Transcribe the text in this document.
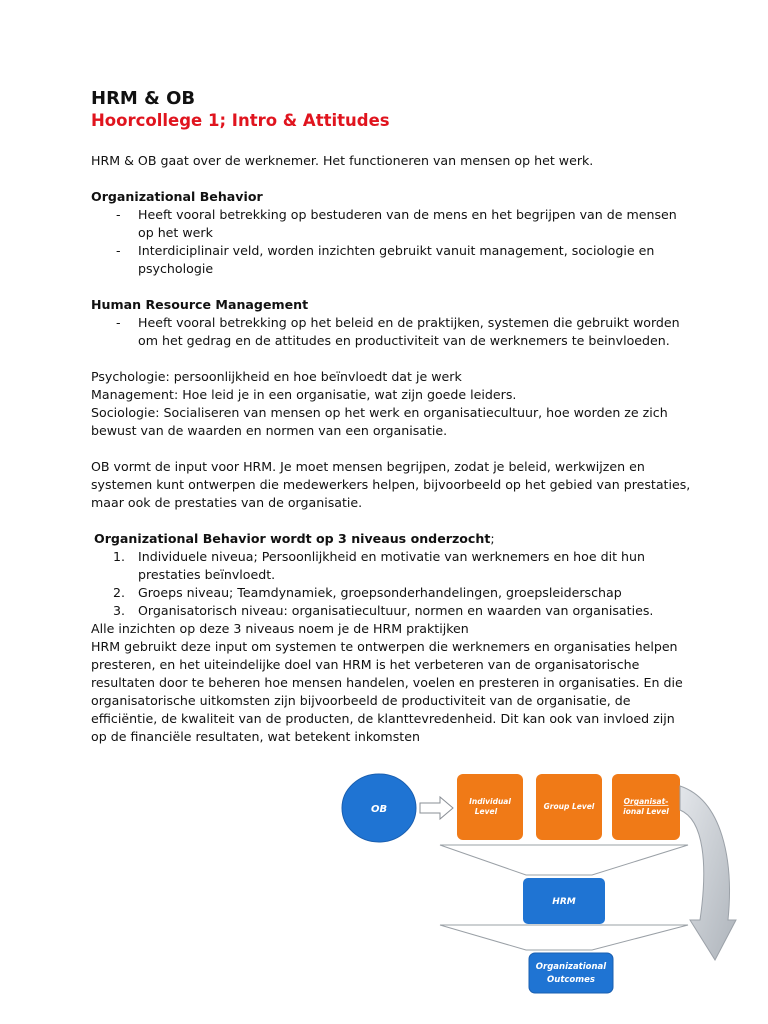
HRM & OB
Hoorcollege 1; Intro & Attitudes

HRM & OB gaat over de werknemer. Het functioneren van mensen op het werk.

Organizational Behavior

- Heeft vooral betrekking op bestuderen van de mens en het begrijpen van de mensen op het werk

- Interdiciplinair veld, worden inzichten gebruikt vanuit management, sociologie en psychologie

Human Resource Management

- Heeft vooral betrekking op het beleid en de praktijken, systemen die gebruikt worden om het gedrag en de attitudes en productiviteit van de werknemers te beinvloeden.

Psychologie: persoonlijkheid en hoe beïnvloedt dat je werk

Management: Hoe leid je in een organisatie, wat zijn goede leiders.

Sociologie: Socialiseren van mensen op het werk en organisatiecultuur, hoe worden ze zich bewust van de waarden en normen van een organisatie.

OB vormt de input voor HRM. Je moet mensen begrijpen, zodat je beleid, werkwijzen en systemen kunt ontwerpen die medewerkers helpen, bijvoorbeeld op het gebied van prestaties, maar ook de prestaties van de organisatie.

Organizational Behavior wordt op 3 niveaus onderzocht;

1. Individuele niveua; Persoonlijkheid en motivatie van werknemers en hoe dit hun prestaties beïnvloedt.

2. Groeps niveau; Teamdynamiek, groepsonderhandelingen, groepsleiderschap

3. Organisatorisch niveau: organisatiecultuur, normen en waarden van organisaties.

Alle inzichten op deze 3 niveaus noem je de HRM praktijken

HRM gebruikt deze input om systemen te ontwerpen die werknemers en organisaties helpen presteren, en het uiteindelijke doel van HRM is het verbeteren van de organisatorische resultaten door te beheren hoe mensen handelen, voelen en presteren in organisaties. En die organisatorische uitkomsten zijn bijvoorbeeld de productiviteit van de organisatie, de efficiëntie, de kwaliteit van de producten, de klanttevredenheid. Dit kan ook van invloed zijn op de financiële resultaten, wat betekent inkomsten

OB
Individual
Level
Group Level
Organisat-
ional Level
HRM
Organizational
Outcomes
